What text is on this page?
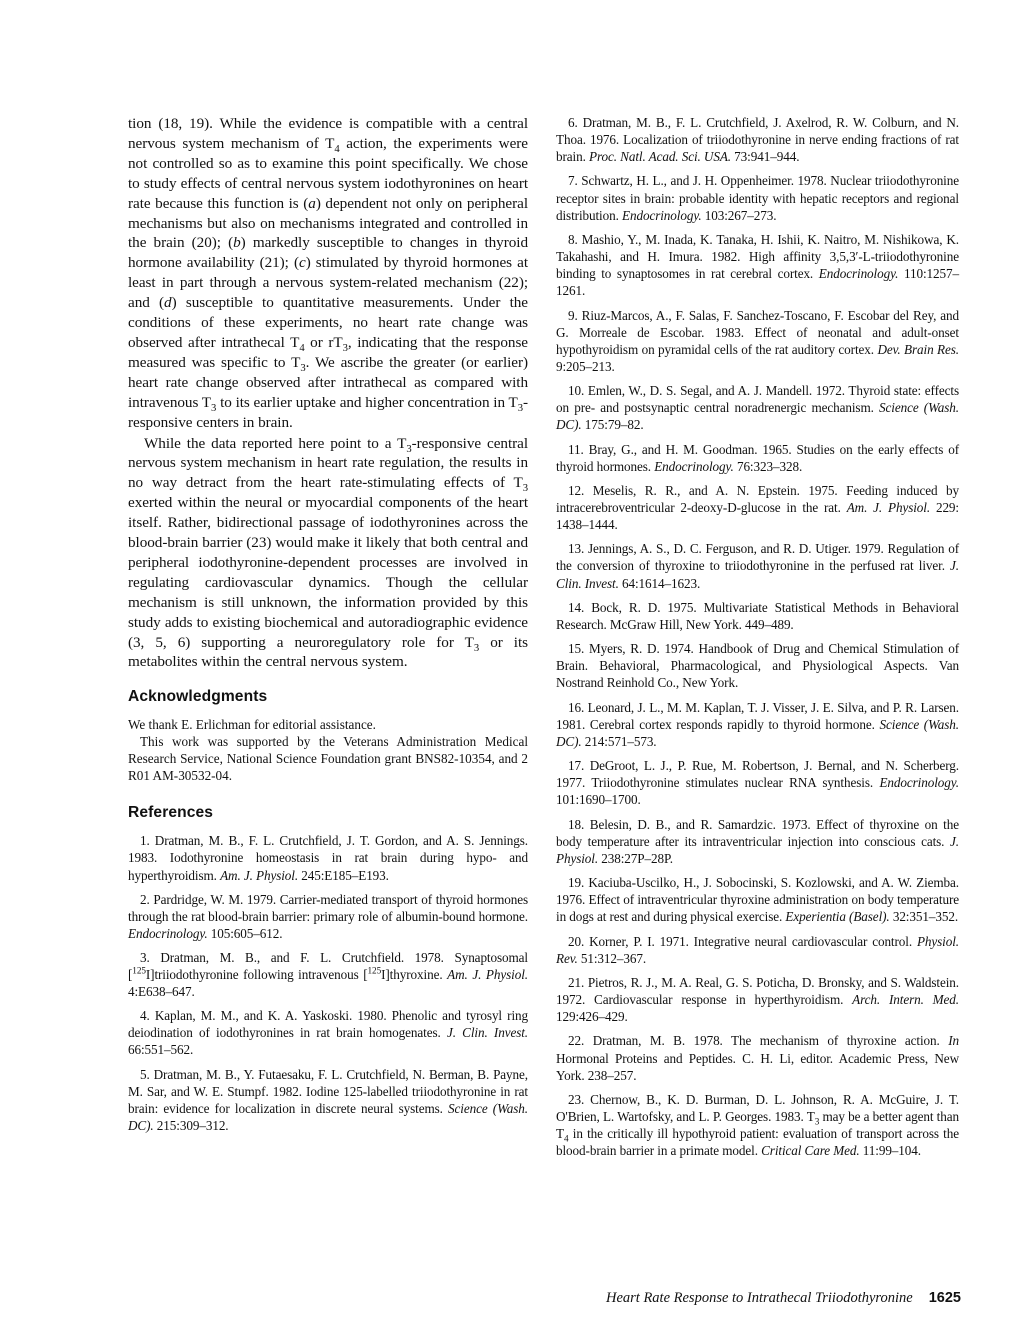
tion (18, 19). While the evidence is compatible with a central nervous system mechanism of $T_4$ action, the experiments were not controlled so as to examine this point specifically. We chose to study effects of central nervous system iodothyronines on heart rate because this function is (a) dependent not only on peripheral mechanisms but also on mechanisms integrated and controlled in the brain (20); (b) markedly susceptible to changes in thyroid hormone availability (21); (c) stimulated by thyroid hormones at least in part through a nervous system-related mechanism (22); and (d) susceptible to quantitative measurements. Under the conditions of these experiments, no heart rate change was observed after intrathecal $T_4$ or $rT_3$, indicating that the response measured was specific to $T_3$. We ascribe the greater (or earlier) heart rate change observed after intrathecal as compared with intravenous $T_3$ to its earlier uptake and higher concentration in $T_3$-responsive centers in brain.

While the data reported here point to a $T_3$-responsive central nervous system mechanism in heart rate regulation, the results in no way detract from the heart rate-stimulating effects of $T_3$ exerted within the neural or myocardial components of the heart itself. Rather, bidirectional passage of iodothyronines across the blood-brain barrier (23) would make it likely that both central and peripheral iodothyronine-dependent processes are involved in regulating cardiovascular dynamics. Though the cellular mechanism is still unknown, the information provided by this study adds to existing biochemical and autoradiographic evidence (3, 5, 6) supporting a neuroregulatory role for $T_3$ or its metabolites within the central nervous system.

Acknowledgments

We thank E. Erlichman for editorial assistance.

This work was supported by the Veterans Administration Medical Research Service, National Science Foundation grant BNS82-10354, and 2 R01 AM-30532-04.

References

1. Dratman, M. B., F. L. Crutchfield, J. T. Gordon, and A. S. Jennings. 1983. Iodothyronine homeostasis in rat brain during hypo- and hyperthyroidism. Am. J. Physiol. 245:E185–E193.

2. Pardridge, W. M. 1979. Carrier-mediated transport of thyroid hormones through the rat blood-brain barrier: primary role of albumin-bound hormone. Endocrinology. 105:605–612.

3. Dratman, M. B., and F. L. Crutchfield. 1978. Synaptosomal [$^{125}$I]triiodothyronine following intravenous [$^{125}$I]thyroxine. Am. J. Physiol. 4:E638–647.

4. Kaplan, M. M., and K. A. Yaskoski. 1980. Phenolic and tyrosyl ring deiodination of iodothyronines in rat brain homogenates. J. Clin. Invest. 66:551–562.

5. Dratman, M. B., Y. Futaesaku, F. L. Crutchfield, N. Berman, B. Payne, M. Sar, and W. E. Stumpf. 1982. Iodine 125-labelled triiodothyronine in rat brain: evidence for localization in discrete neural systems. Science (Wash. DC). 215:309–312.

6. Dratman, M. B., F. L. Crutchfield, J. Axelrod, R. W. Colburn, and N. Thoa. 1976. Localization of triiodothyronine in nerve ending fractions of rat brain. Proc. Natl. Acad. Sci. USA. 73:941–944.

7. Schwartz, H. L., and J. H. Oppenheimer. 1978. Nuclear triiodothyronine receptor sites in brain: probable identity with hepatic receptors and regional distribution. Endocrinology. 103:267–273.

8. Mashio, Y., M. Inada, K. Tanaka, H. Ishii, K. Naitro, M. Nishikowa, K. Takahashi, and H. Imura. 1982. High affinity 3,5,3′-L-triiodothyronine binding to synaptosomes in rat cerebral cortex. Endocrinology. 110:1257–1261.

9. Riuz-Marcos, A., F. Salas, F. Sanchez-Toscano, F. Escobar del Rey, and G. Morreale de Escobar. 1983. Effect of neonatal and adult-onset hypothyroidism on pyramidal cells of the rat auditory cortex. Dev. Brain Res. 9:205–213.

10. Emlen, W., D. S. Segal, and A. J. Mandell. 1972. Thyroid state: effects on pre- and postsynaptic central noradrenergic mechanism. Science (Wash. DC). 175:79–82.

11. Bray, G., and H. M. Goodman. 1965. Studies on the early effects of thyroid hormones. Endocrinology. 76:323–328.

12. Meselis, R. R., and A. N. Epstein. 1975. Feeding induced by intracerebroventricular 2-deoxy-D-glucose in the rat. Am. J. Physiol. 229: 1438–1444.

13. Jennings, A. S., D. C. Ferguson, and R. D. Utiger. 1979. Regulation of the conversion of thyroxine to triiodothyronine in the perfused rat liver. J. Clin. Invest. 64:1614–1623.

14. Bock, R. D. 1975. Multivariate Statistical Methods in Behavioral Research. McGraw Hill, New York. 449–489.

15. Myers, R. D. 1974. Handbook of Drug and Chemical Stimulation of Brain. Behavioral, Pharmacological, and Physiological Aspects. Van Nostrand Reinhold Co., New York.

16. Leonard, J. L., M. M. Kaplan, T. J. Visser, J. E. Silva, and P. R. Larsen. 1981. Cerebral cortex responds rapidly to thyroid hormone. Science (Wash. DC). 214:571–573.

17. DeGroot, L. J., P. Rue, M. Robertson, J. Bernal, and N. Scherberg. 1977. Triiodothyronine stimulates nuclear RNA synthesis. Endocrinology. 101:1690–1700.

18. Belesin, D. B., and R. Samardzic. 1973. Effect of thyroxine on the body temperature after its intraventricular injection into conscious cats. J. Physiol. 238:27P–28P.

19. Kaciuba-Uscilko, H., J. Sobocinski, S. Kozlowski, and A. W. Ziemba. 1976. Effect of intraventricular thyroxine administration on body temperature in dogs at rest and during physical exercise. Experientia (Basel). 32:351–352.

20. Korner, P. I. 1971. Integrative neural cardiovascular control. Physiol. Rev. 51:312–367.

21. Pietros, R. J., M. A. Real, G. S. Poticha, D. Bronsky, and S. Waldstein. 1972. Cardiovascular response in hyperthyroidism. Arch. Intern. Med. 129:426–429.

22. Dratman, M. B. 1978. The mechanism of thyroxine action. In Hormonal Proteins and Peptides. C. H. Li, editor. Academic Press, New York. 238–257.

23. Chernow, B., K. D. Burman, D. L. Johnson, R. A. McGuire, J. T. O'Brien, L. Wartofsky, and L. P. Georges. 1983. $T_3$ may be a better agent than $T_4$ in the critically ill hypothyroid patient: evaluation of transport across the blood-brain barrier in a primate model. Critical Care Med. 11:99–104.

Heart Rate Response to Intrathecal Triiodothyronine 1625
